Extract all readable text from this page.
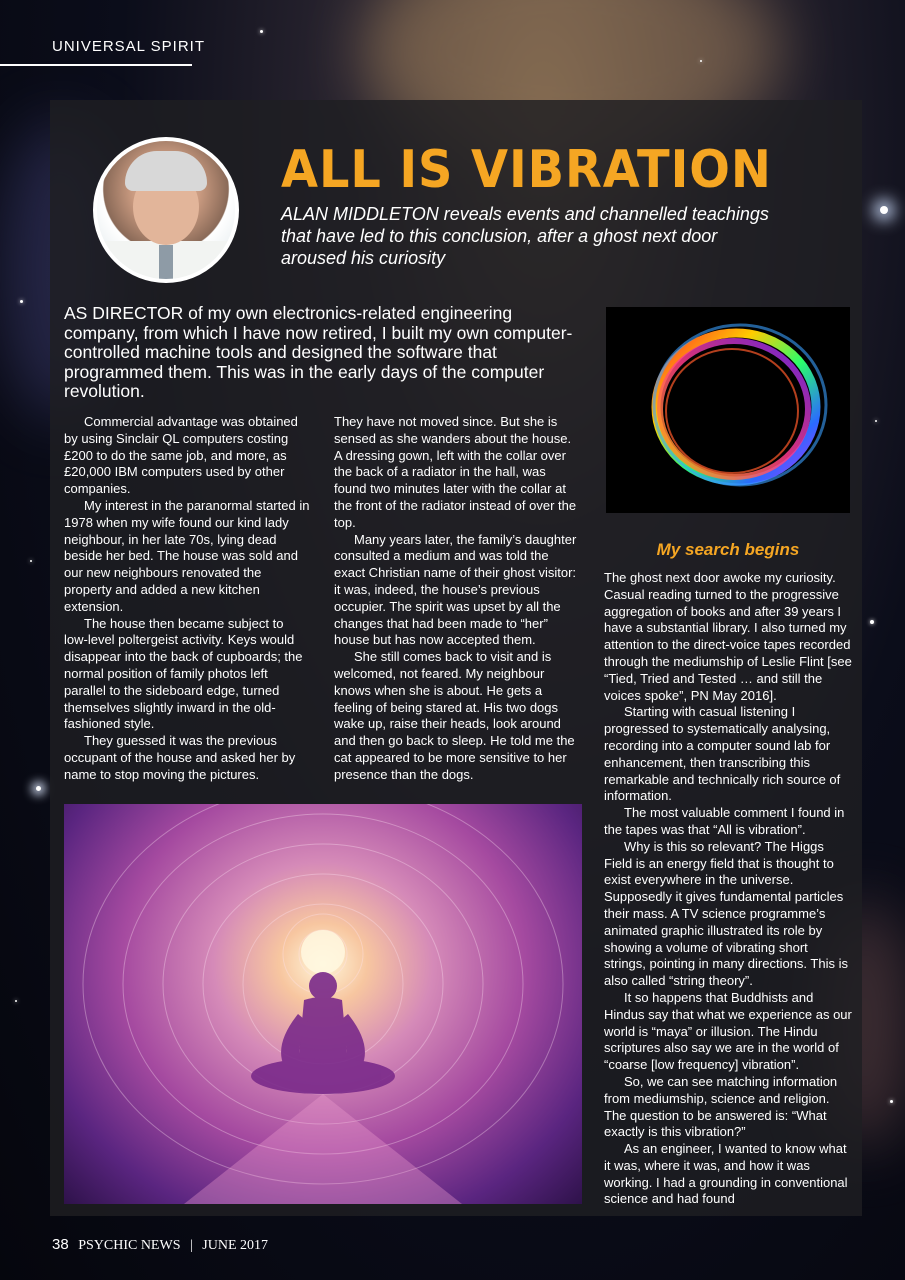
UNIVERSAL SPIRIT
ALL IS VIBRATION
ALAN MIDDLETON reveals events and channelled teachings that have led to this conclusion, after a ghost next door aroused his curiosity
AS DIRECTOR of my own electronics-related engineering company, from which I have now retired, I built my own computer-controlled machine tools and designed the software that programmed them. This was in the early days of the computer revolution.

Commercial advantage was obtained by using Sinclair QL computers costing £200 to do the same job, and more, as £20,000 IBM computers used by other companies.

My interest in the paranormal started in 1978 when my wife found our kind lady neighbour, in her late 70s, lying dead beside her bed. The house was sold and our new neighbours renovated the property and added a new kitchen extension.

The house then became subject to low-level poltergeist activity. Keys would disappear into the back of cupboards; the normal position of family photos left parallel to the sideboard edge, turned themselves slightly inward in the old-fashioned style.

They guessed it was the previous occupant of the house and asked her by name to stop moving the pictures.

They have not moved since. But she is sensed as she wanders about the house. A dressing gown, left with the collar over the back of a radiator in the hall, was found two minutes later with the collar at the front of the radiator instead of over the top.

Many years later, the family’s daughter consulted a medium and was told the exact Christian name of their ghost visitor: it was, indeed, the house’s previous occupier. The spirit was upset by all the changes that had been made to “her” house but has now accepted them.

She still comes back to visit and is welcomed, not feared. My neighbour knows when she is about. He gets a feeling of being stared at. His two dogs wake up, raise their heads, look around and then go back to sleep. He told me the cat appeared to be more sensitive to her presence than the dogs.

My search begins

The ghost next door awoke my curiosity. Casual reading turned to the progressive aggregation of books and after 39 years I have a substantial library. I also turned my attention to the direct-voice tapes recorded through the mediumship of Leslie Flint [see “Tied, Tried and Tested … and still the voices spoke”, PN May 2016].

Starting with casual listening I progressed to systematically analysing, recording into a computer sound lab for enhancement, then transcribing this remarkable and technically rich source of information.

The most valuable comment I found in the tapes was that “All is vibration”.

Why is this so relevant? The Higgs Field is an energy field that is thought to exist everywhere in the universe. Supposedly it gives fundamental particles their mass. A TV science programme’s animated graphic illustrated its role by showing a volume of vibrating short strings, pointing in many directions. This is also called “string theory”.

It so happens that Buddhists and Hindus say that what we experience as our world is “maya” or illusion. The Hindu scriptures also say we are in the world of “coarse [low frequency] vibration”.

So, we can see matching information from mediumship, science and religion. The question to be answered is: “What exactly is this vibration?”

As an engineer, I wanted to know what it was, where it was, and how it was working. I had a grounding in conventional science and had found

38 PSYCHIC NEWS | JUNE 2017
